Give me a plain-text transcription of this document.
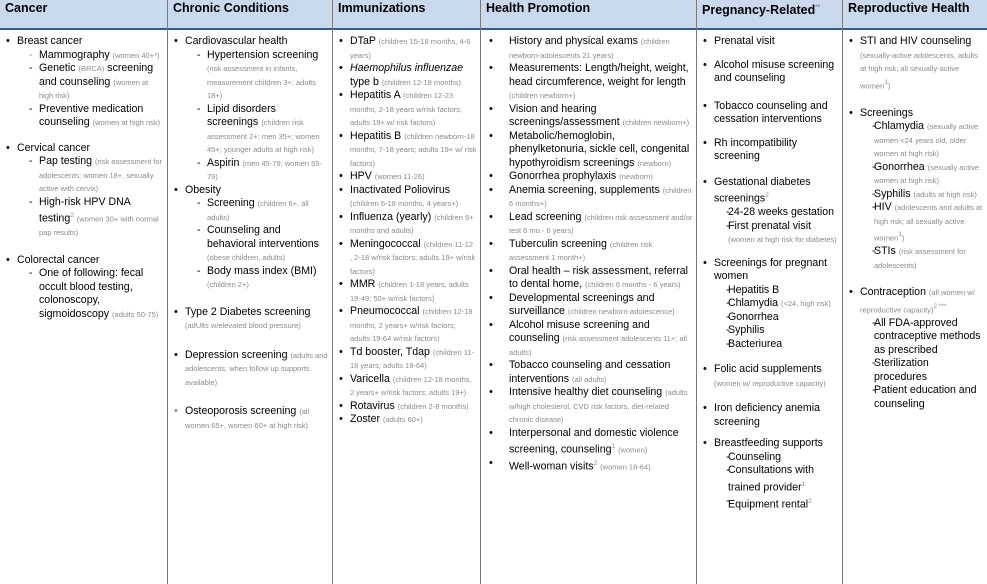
Cancer
• Breast cancer
- Mammography (women 40+*)
- Genetic (BRCA) screening and counseling (women at high risk)
- Preventive medication counseling (women at high risk)
• Cervical cancer
- Pap testing (risk assessment for adolescents; women 18+, sexually active with cervix)
- High-risk HPV DNA testing$^2$ (women 30+ with normal pap results)
• Colorectal cancer
- One of following: fecal occult blood testing, colonoscopy, sigmoidoscopy (adults 50-75)
Chronic Conditions
• Cardiovascular health
- Hypertension screening (risk assessment in infants, measurement children 3+; adults 18+)
- Lipid disorders screenings (children risk assessment 2+: men 35+; women 45+; younger adults at high risk)
- Aspirin (men 45-79; women 55-79)
• Obesity
- Screening (children 6+, all adults)
- Counseling and behavioral interventions (obese children, adults)
- Body mass index (BMI) (children 2+)
• Type 2 Diabetes screening (adUlts w/elevated blood pressure)
• Depression screening (adults and adolescents, when follow up supports available)
• Osteoporosis screening (all women 65+, women 60+ at high risk)
Immunizations
• DTaP (children 15-18 months, 4-6 years)
• Haemophilus influenzae type b (children 12-18 months)
• Hepatitis A (children 12-23 months, 2-18 years w/risk factors; adults 19+ w/ risk factors)
• Hepatitis B (children newborn-18 months, 7-18 years; adults 19+ w/ risk factors)
• HPV (women 11-26)
• Inactivated Poliovirus (children 6-18 months, 4 years+)
• Influenza (yearly) (children 6+ months and adults)
• Meningococcal (children 11-12 , 2-18 w/risk factors; adults 19+ w/risk factors)
• MMR (children 1-18 years; adults 19-49; 50+ w/risk factors)
• Pneumococcal (children 12-18 months, 2 years+ w/risk factors; adults 19-64 w/risk factors)
• Td booster, Tdap (children 11-18 years; adults 19-64)
• Varicella (children 12-18 months, 2 years+ w/risk factors; adults 19+)
• Rotavirus (children 2-8 months)
• Zoster (adults 60+)
Health Promotion
• History and physical exams (children newborn-adolescents 21 years)
• Measurements: Length/height, weight, head circumference, weight for length (children newborn+)
• Vision and hearing screenings/assessment (children newborn+)
• Metabolic/hemoglobin, phenylketonuria, sickle cell, congenital hypothyroidism screenings (newborn)
• Gonorrhea prophylaxis (newborn)
• Anemia screening, supplements (children 6 months+)
• Lead screening (children risk assessment and/or test 6 mo.- 6 years)
• Tuberculin screening (children risk assessment 1 month+)
• Oral health – risk assessment, referral to dental home, (children 6 months - 6 years)
• Developmental screenings and surveillance (children newborn-adolescence)
• Alcohol misuse screening and counseling (risk assessment adolescents 11+; all adults)
• Tobacco counseling and cessation interventions (all adults)
• Intensive healthy diet counseling (adults w/high cholesterol, CVD risk factors, diet-related chronic disease)
• Interpersonal and domestic violence screening, counseling$^1$ (women)
• Well-woman visits$^2$ (women 18-64)
Pregnancy-Related**
• Prenatal visit
• Alcohol misuse screening and counseling
• Tobacco counseling and cessation interventions
• Rh incompatibility screening
• Gestational diabetes screenings$^2$
- 24-28 weeks gestation
- First prenatal visit (women at high risk for diabetes)
• Screenings for pregnant women
- Hepatitis B
- Chlamydia (<24, high risk)
- Gonorrhea
- Syphilis
- Bacteriurea
• Folic acid supplements (women w/ reproductive capacity)
• Iron deficiency anemia screening
• Breastfeeding supports
- Counseling
- Consultations with trained provider$^1$
- Equipment rental$^2$
Reproductive Health
• STI and HIV counseling (sexually-active adolescents, adults at high risk; all sexually-active women$^1$)
• Screenings
- Chlamydia (sexually active women <24 years old, older women at high risk)
- Gonorrhea (sexually active women at high risk)
- Syphilis (adults at high risk)
- HIV (adolescents and adults at high risk; all sexually active women$^1$)
- STIs (risk assessment for adolescents)
• Contraception (all women w/ reproductive capacity)$^{2 ***}$
- All FDA-approved contraceptive methods as prescribed
- Sterilization procedures
- Patient education and counseling
